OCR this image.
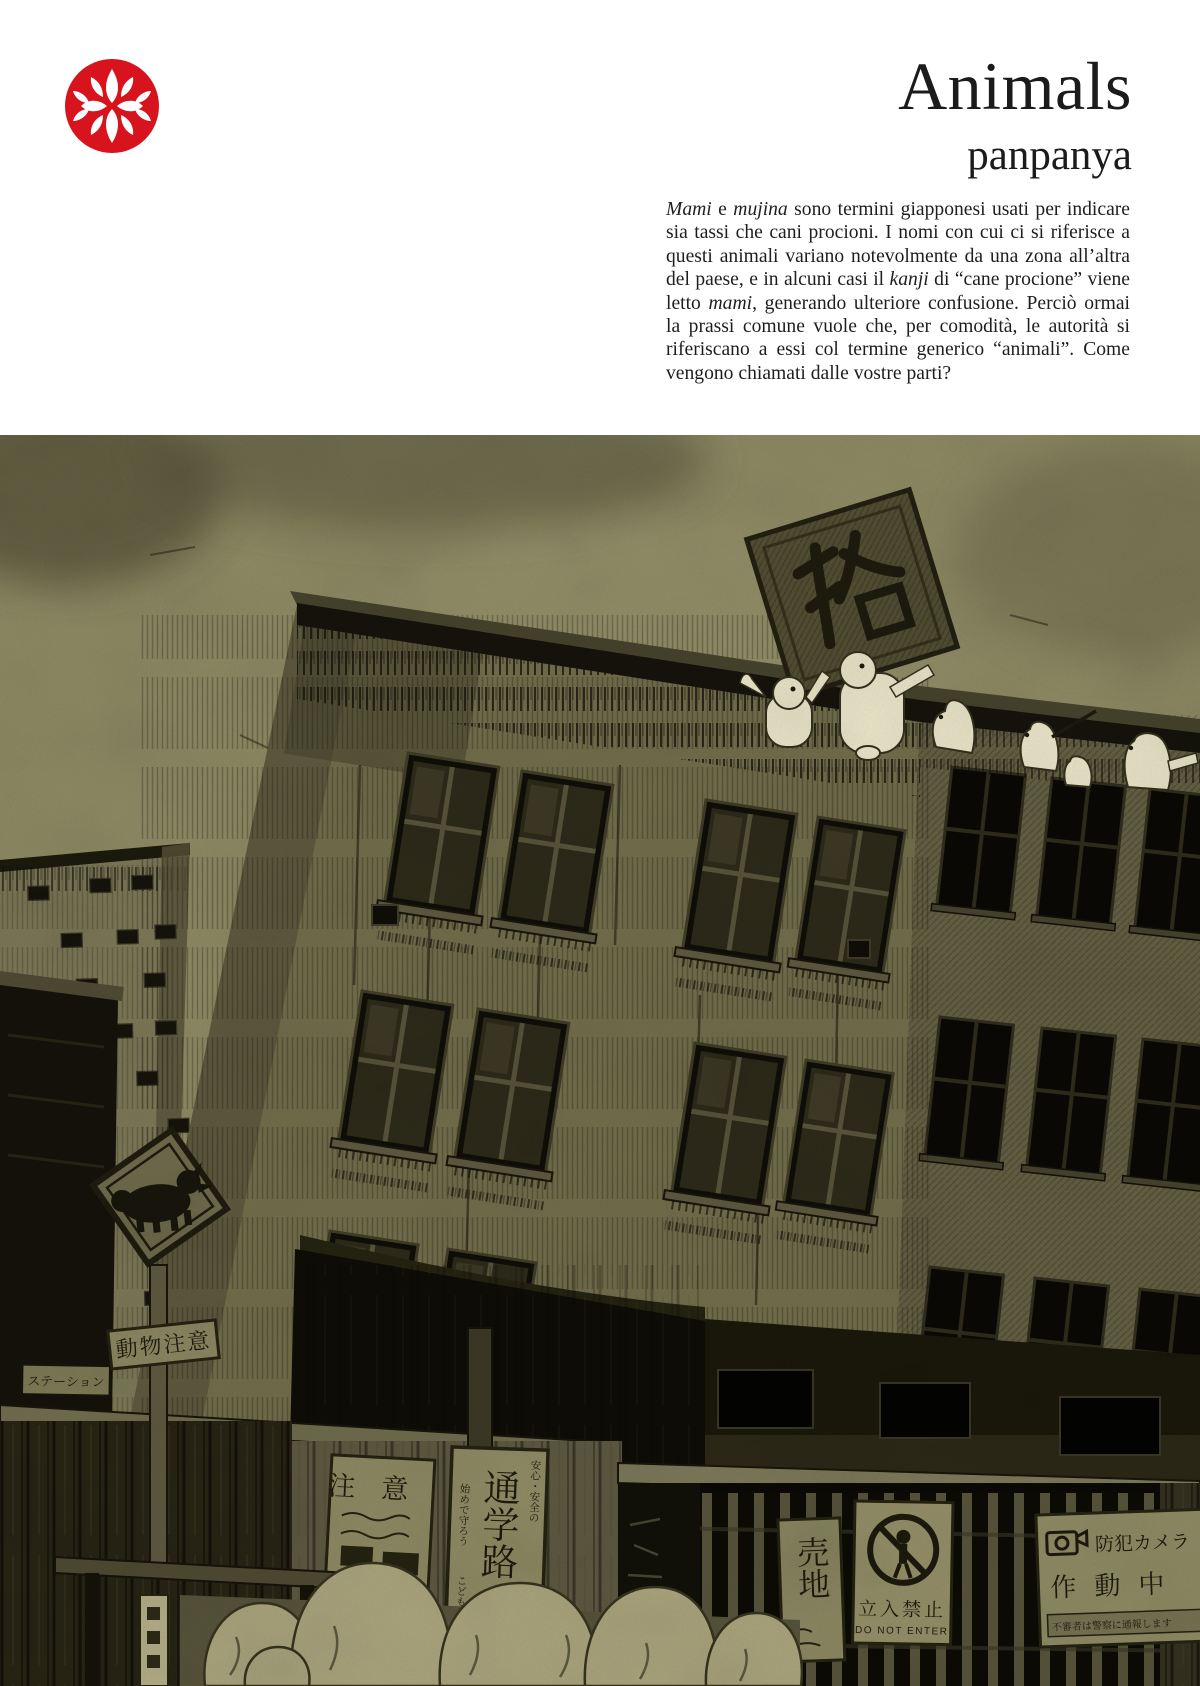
Animals
panpanya

Mami e mujina sono termini giapponesi usati per indicare sia tassi che cani procioni. I nomi con cui ci si riferisce a questi animali variano notevolmente da una zona all’altra del paese, e in alcuni casi il kanji di “cane procione” viene letto mami, generando ulteriore confusione. Perciò ormai la prassi comune vuole che, per comodità, le autorità si riferiscano a essi col termine generico “animali”. Come vengono chiamati dalle vostre parti?

ステーション
注意 通学路 安心・安全の
始めで守ろう
こども	売地
立入禁止
DO NOT ENTER
防犯カメラ
作動中
不審者は警察に通報します
動物注意
